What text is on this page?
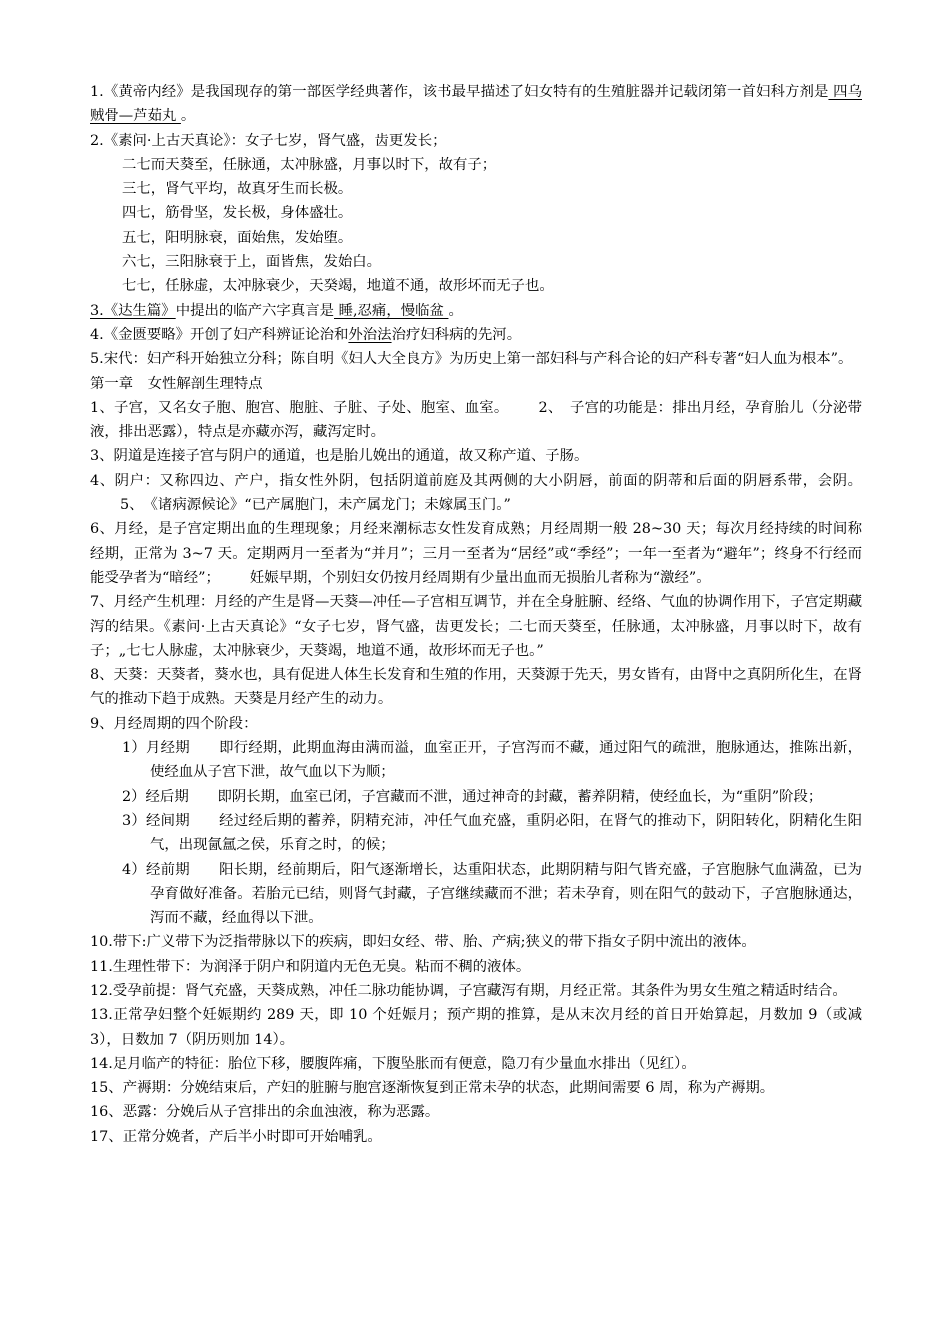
1.《黄帝内经》是我国现存的第一部医学经典著作，该书最早描述了妇女特有的生殖脏器并记载闭第一首妇科方剂是 四乌贼骨—芦茹丸 。

2.《素问·上古天真论》：女子七岁，肾气盛，齿更发长；

二七而天葵至，任脉通，太冲脉盛，月事以时下，故有子；

三七，肾气平均，故真牙生而长极。

四七，筋骨坚，发长极，身体盛壮。

五七，阳明脉衰，面始焦，发始堕。

六七，三阳脉衰于上，面皆焦，发始白。

七七，任脉虚，太冲脉衰少，天癸竭，地道不通，故形坏而无子也。

3.《达生篇》中提出的临产六字真言是 睡,忍痛，慢临盆 。

4.《金匮要略》开创了妇产科辨证论治和外治法治疗妇科病的先河。

5.宋代：妇产科开始独立分科；陈自明《妇人大全良方》为历史上第一部妇科与产科合论的妇产科专著“妇人血为根本”。

第一章　女性解剖生理特点

1、子宫，又名女子胞、胞宫、胞脏、子脏、子处、胞室、血室。 2、　子宫的功能是：排出月经，孕育胎儿（分泌带液，排出恶露），特点是亦藏亦泻，藏泻定时。

3、阴道是连接子宫与阴户的通道，也是胎儿娩出的通道，故又称产道、子肠。

4、阴户：又称四边、产户，指女性外阴，包括阴道前庭及其两侧的大小阴唇，前面的阴蒂和后面的阴唇系带，会阴。5、　《诸病源候论》“已产属胞门，未产属龙门；未嫁属玉门。”

6、月经，是子宫定期出血的生理现象；月经来潮标志女性发育成熟；月经周期一般 28~30 天；每次月经持续的时间称经期，正常为 3~7 天。定期两月一至者为“并月”；三月一至者为“居经”或“季经”；一年一至者为“避年”；终身不行经而能受孕者为“暗经”； 妊娠早期，个别妇女仍按月经周期有少量出血而无损胎儿者称为“激经”。

7、月经产生机理：月经的产生是肾—天葵—冲任—子宫相互调节，并在全身脏腑、经络、气血的协调作用下，子宫定期藏泻的结果。《素问·上古天真论》“女子七岁，肾气盛，齿更发长；二七而天葵至，任脉通，太冲脉盛，月事以时下，故有子；„七七人脉虚，太冲脉衰少，天葵竭，地道不通，故形坏而无子也。”

8、天葵：天葵者，葵水也，具有促进人体生长发育和生殖的作用，天葵源于先天，男女皆有，由肾中之真阴所化生，在肾气的推动下趋于成熟。天葵是月经产生的动力。

9、月经周期的四个阶段：

1）月经期　　即行经期，此期血海由满而溢，血室正开，子宫泻而不藏，通过阳气的疏泄，胞脉通达，推陈出新，使经血从子宫下泄，故气血以下为顺；

2）经后期　　即阴长期，血室已闭，子宫藏而不泄，通过神奇的封藏，蓄养阴精，使经血长，为“重阴”阶段；

3）经间期　　经过经后期的蓄养，阴精充沛，冲任气血充盛，重阴必阳，在肾气的推动下，阴阳转化，阴精化生阳气，出现氤氲之侯，乐育之时，的候；

4）经前期　　阳长期，经前期后，阳气逐渐增长，达重阳状态，此期阴精与阳气皆充盛，子宫胞脉气血满盈，已为孕育做好准备。若胎元已结，则肾气封藏，子宫继续藏而不泄；若未孕育，则在阳气的鼓动下，子宫胞脉通达，泻而不藏，经血得以下泄。

10.带下:广义带下为泛指带脉以下的疾病，即妇女经、带、胎、产病;狭义的带下指女子阴中流出的液体。

11.生理性带下：为润泽于阴户和阴道内无色无臭。粘而不稠的液体。

12.受孕前提：肾气充盛，天葵成熟，冲任二脉功能协调，子宫藏泻有期，月经正常。其条件为男女生殖之精适时结合。

13.正常孕妇整个妊娠期约 289 天，即 10 个妊娠月；预产期的推算，是从末次月经的首日开始算起，月数加 9（或减 3），日数加 7（阴历则加 14）。

14.足月临产的特征：胎位下移，腰腹阵痛，下腹坠胀而有便意，隐刀有少量血水排出（见红）。

15、产褥期：分娩结束后，产妇的脏腑与胞宫逐渐恢复到正常未孕的状态，此期间需要 6 周，称为产褥期。

16、恶露：分娩后从子宫排出的余血浊液，称为恶露。

17、正常分娩者，产后半小时即可开始哺乳。
